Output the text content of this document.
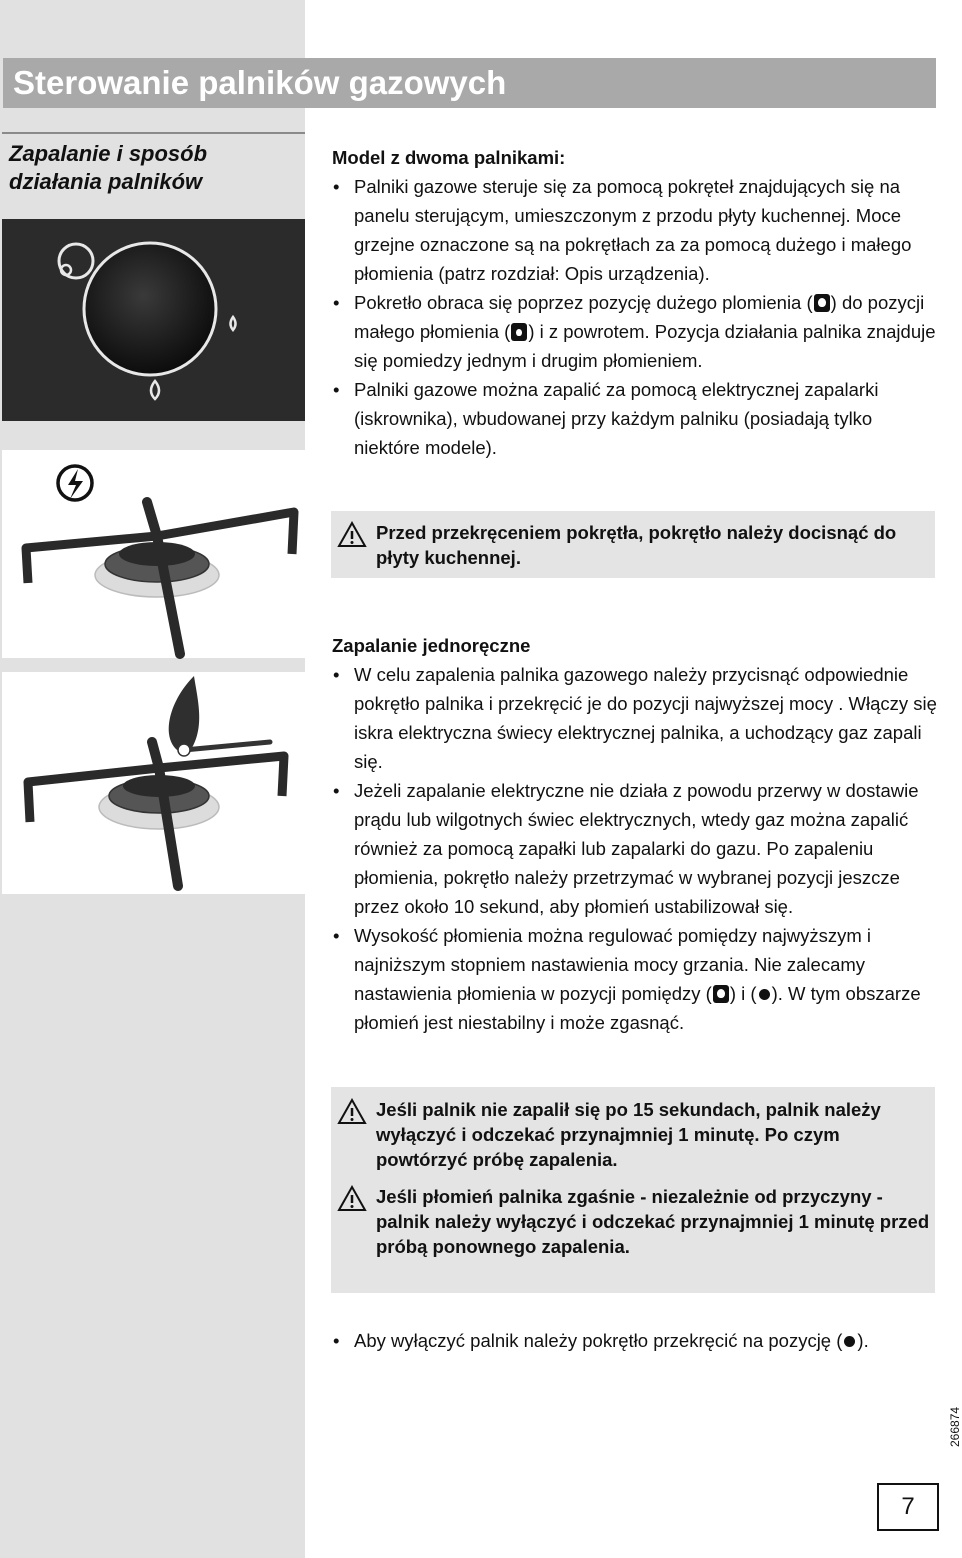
Sterowanie palników gazowych
Zapalanie i sposób działania palników

Model z dwoma palnikami:

• Palniki gazowe steruje się za pomocą pokręteł znajdujących się na panelu sterującym, umieszczonym z przodu płyty kuchennej. Moce grzejne oznaczone są na pokrętłach za za pomocą dużego i małego płomienia (patrz rozdział: Opis urządzenia).
• Pokretło obraca się poprzez pozycję dużego plomienia ( ) do pozycji małego płomienia ( ) i z powrotem. Pozycja działania palnika znajduje się pomiedzy jednym i drugim płomieniem.
• Palniki gazowe można zapalić za pomocą elektrycznej zapalarki (iskrownika), wbudowanej przy każdym palniku (posiadają tylko niektóre modele).
Przed przekręceniem pokrętła, pokrętło należy docisnąć do płyty kuchennej.

Zapalanie jednoręczne

• W celu zapalenia palnika gazowego należy przycisnąć odpowiednie pokrętło palnika i przekręcić je do pozycji najwyższej mocy . Włączy się iskra elektryczna świecy elektrycznej palnika, a uchodzący gaz zapali się.
• Jeżeli zapalanie elektryczne nie działa z powodu przerwy w dostawie prądu lub wilgotnych świec elektrycznych, wtedy gaz można zapalić również za pomocą zapałki lub zapalarki do gazu. Po zapaleniu płomienia, pokrętło należy przetrzymać w wybranej pozycji jeszcze przez około 10 sekund, aby płomień ustabilizował się.
• Wysokość płomienia można regulować pomiędzy najwyższym i najniższym stopniem nastawienia mocy grzania. Nie zalecamy nastawienia płomienia w pozycji pomiędzy ( ) i ( ). W tym obszarze płomień jest niestabilny i może zgasnąć.
Jeśli palnik nie zapalił się po 15 sekundach, palnik należy wyłączyć i odczekać przynajmniej 1 minutę. Po czym powtórzyć próbę zapalenia.
Jeśli płomień palnika zgaśnie - niezależnie od przyczyny - palnik należy wyłączyć i odczekać przynajmniej 1 minutę przed próbą ponownego zapalenia.
• Aby wyłączyć palnik należy pokrętło przekręcić na pozycję ( ).
266874
7
